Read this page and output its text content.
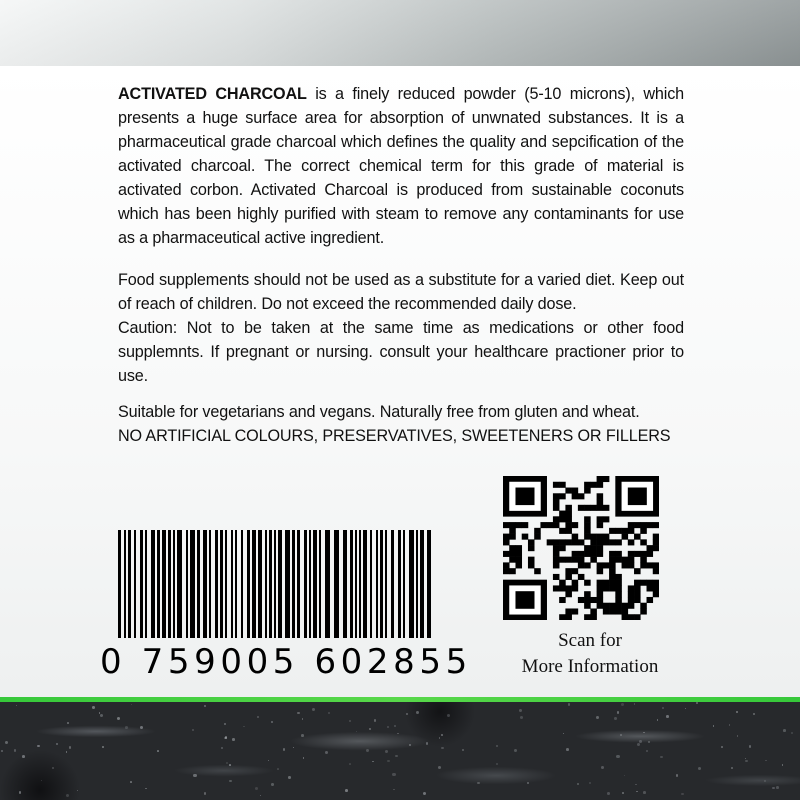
ACTIVATED CHARCOAL is a finely reduced powder (5-10 microns), which presents a huge surface area for absorption of unwnated substances. It is a pharmaceutical grade charcoal which defines the quality and sepcification of the activated charcoal. The correct chemical term for this grade of material is activated corbon. Activated Charcoal is produced from sustainable coconuts which has been highly purified with steam to remove any contaminants for use as a pharmaceutical active ingredient.

Food supplements should not be used as a substitute for a varied diet. Keep out of reach of children. Do not exceed the recommended daily dose.

Caution: Not to be taken at the same time as medications or other food supplemnts. If pregnant or nursing. consult your healthcare practioner prior to use.

Suitable for vegetarians and vegans. Naturally free from gluten and wheat.

NO ARTIFICIAL COLOURS, PRESERVATIVES, SWEETENERS OR FILLERS

0 759005 602855
Scan for
More Information
